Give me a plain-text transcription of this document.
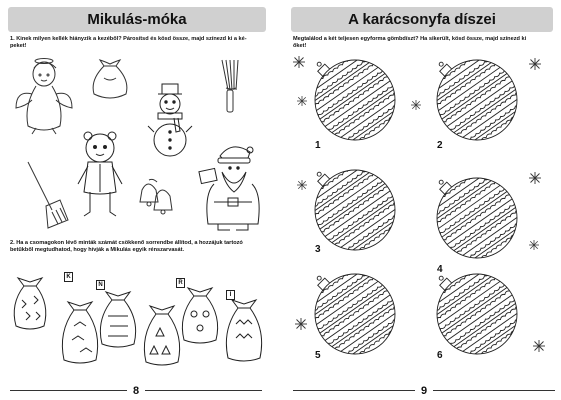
Mikulás-móka
1. Kinek milyen kellék hiányzik a kezéből? Párosítsd és kösd össze, majd színezd ki a ké-
peket!
2. Ha a csomagokon lévő minták számát csökkenő sorrendbe állítod, a hozzájuk tartozó
betűkből megtudhatod, hogy hívják a Mikulás egyik rénszarvasát.
K
N	R
I
8
A karácsonyfa díszei
Megtalálod a két teljesen egyforma gömbdíszt? Ha sikerült, kösd össze, majd színezd ki
őket!
1	2
3
4
5	6
9
